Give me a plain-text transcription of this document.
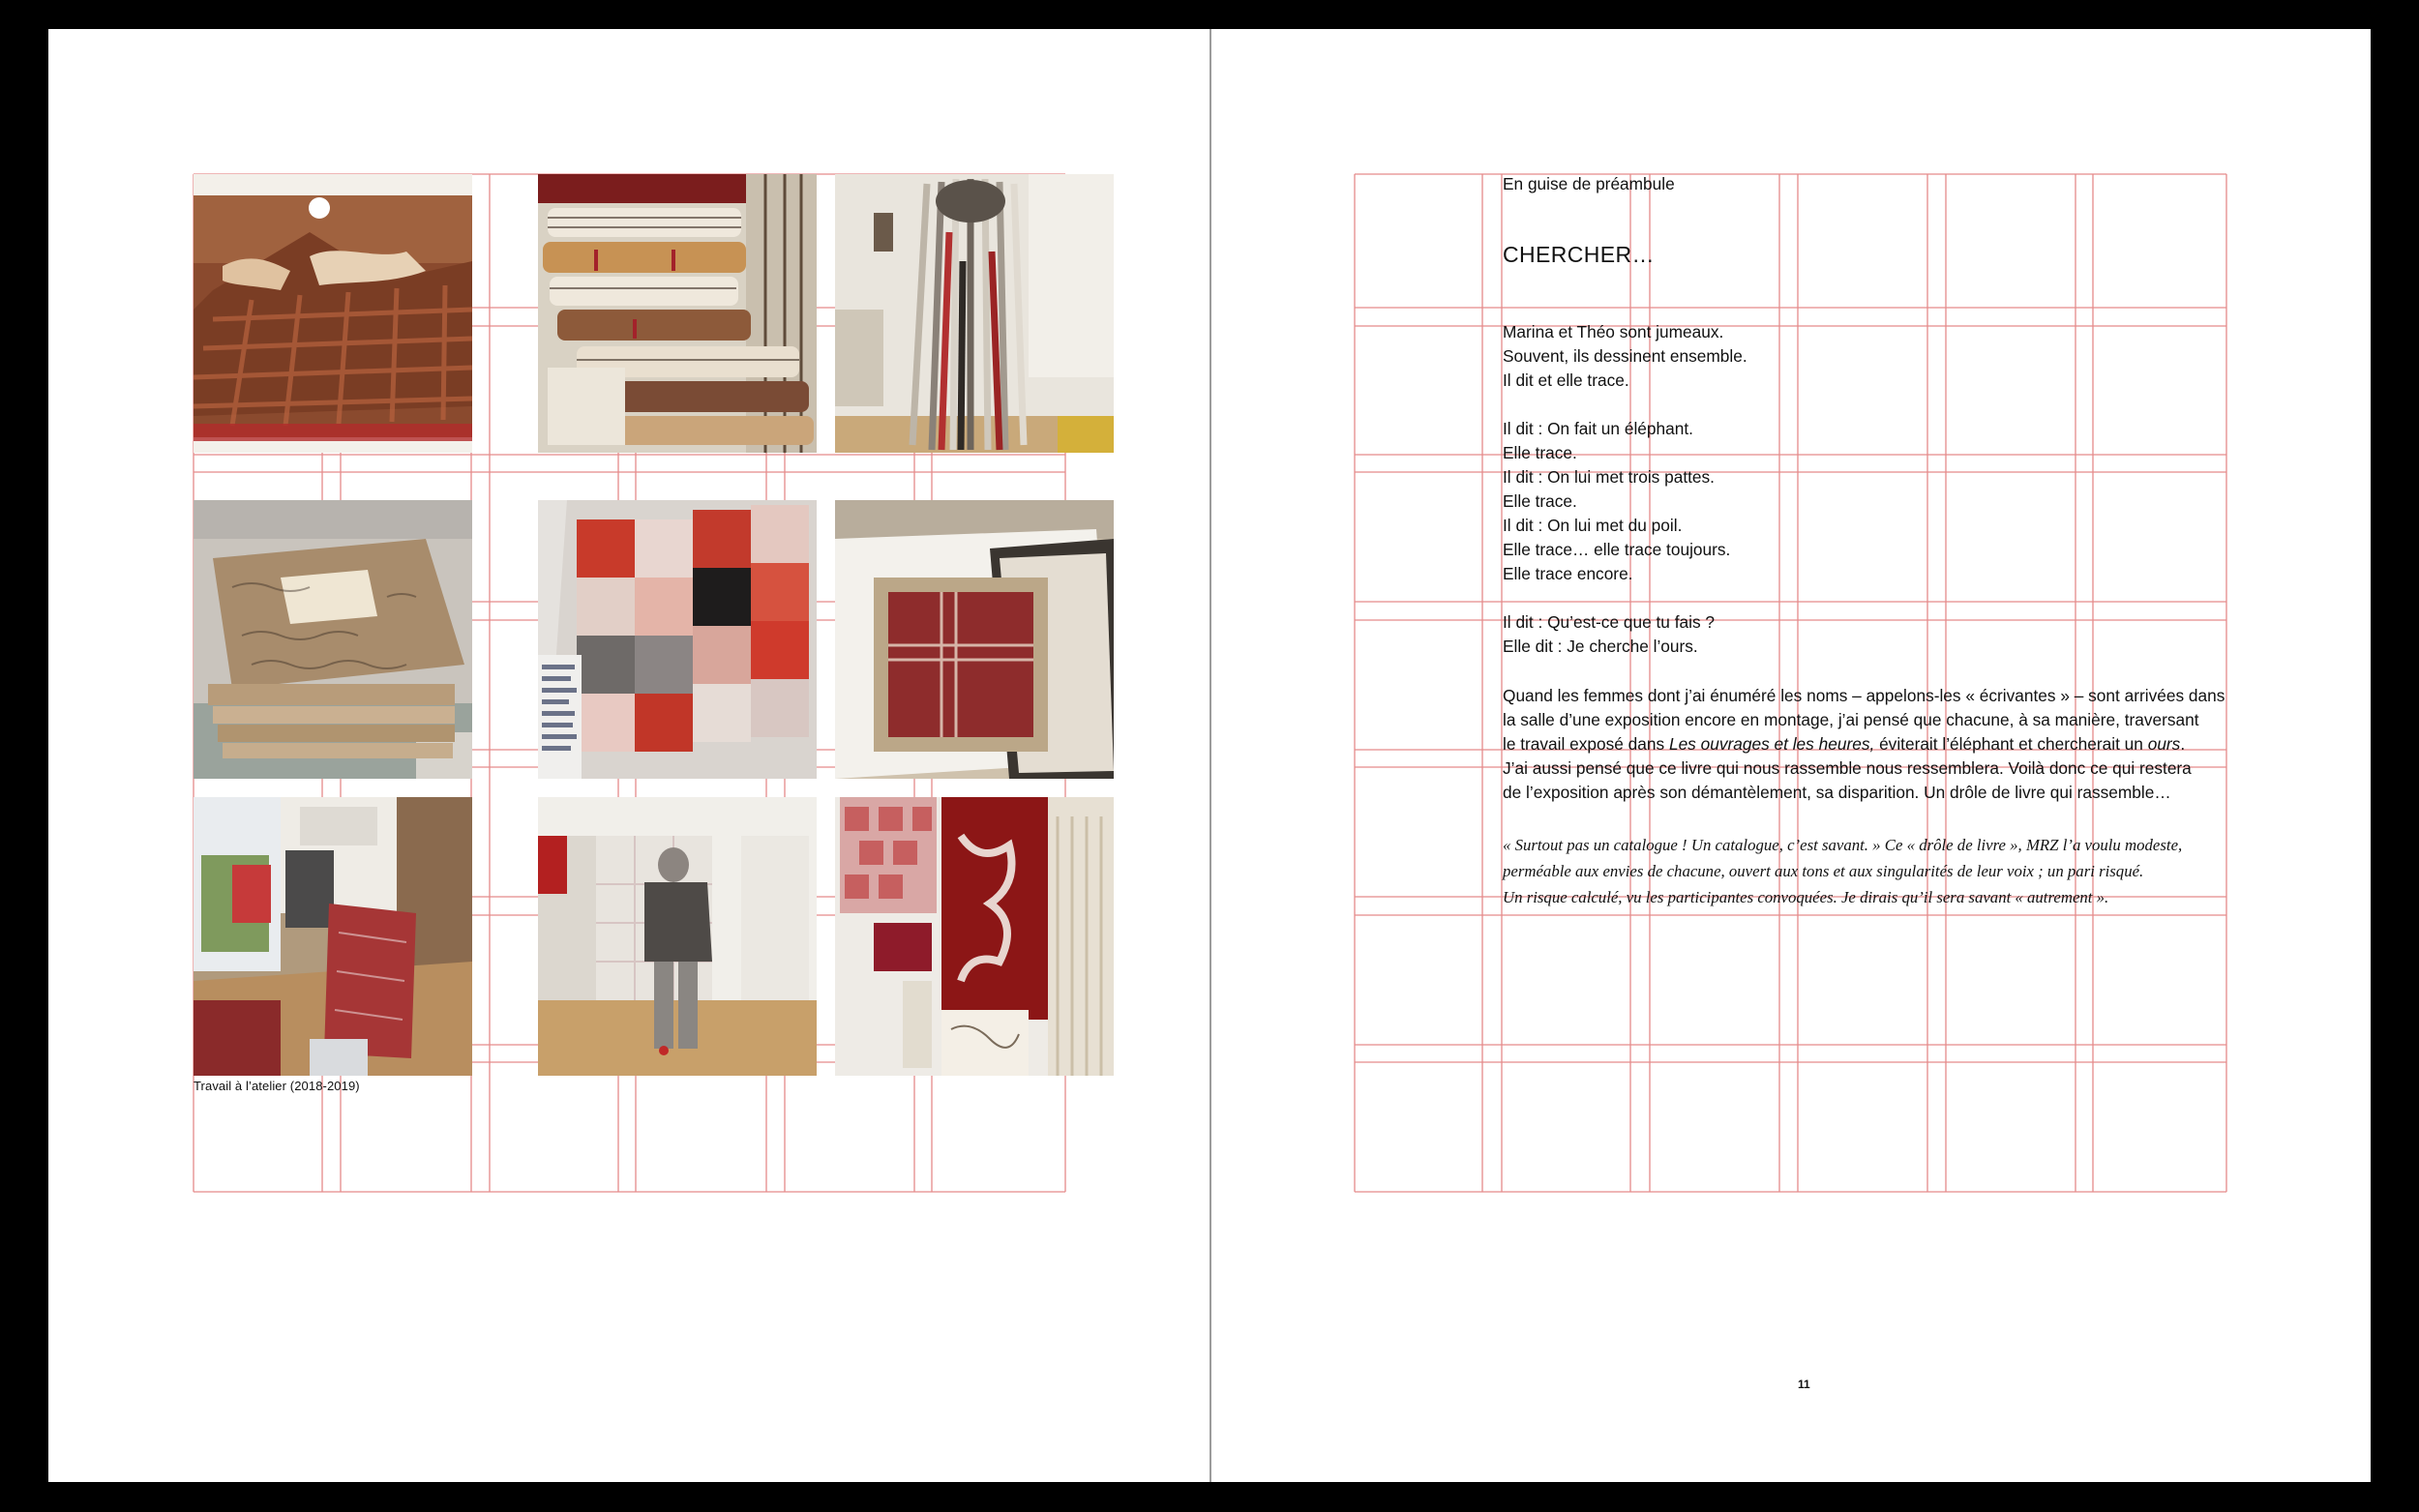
Travail à l’atelier (2018-2019)
En guise de préambule
CHERCHER…
Marina et Théo sont jumeaux.
Souvent, ils dessinent ensemble.
Il dit et elle trace.
Il dit : On fait un éléphant.
Elle trace.
Il dit : On lui met trois pattes.
Elle trace.
Il dit : On lui met du poil.
Elle trace… elle trace toujours.
Elle trace encore.
Il dit : Qu’est-ce que tu fais ?
Elle dit : Je cherche l’ours.
Quand les femmes dont j’ai énuméré les noms – appelons-les « écrivantes » – sont arrivées dans
la salle d’une exposition encore en montage, j’ai pensé que chacune, à sa manière, traversant
le travail exposé dans Les ouvrages et les heures, éviterait l’éléphant et chercherait un ours.
J’ai aussi pensé que ce livre qui nous rassemble nous ressemblera. Voilà donc ce qui restera
de l’exposition après son démantèlement, sa disparition. Un drôle de livre qui rassemble…
« Surtout pas un catalogue ! Un catalogue, c’est savant. » Ce « drôle de livre », MRZ l’a voulu modeste,
perméable aux envies de chacune, ouvert aux tons et aux singularités de leur voix ; un pari risqué.
Un risque calculé, vu les participantes convoquées. Je dirais qu’il sera savant « autrement ».
11
